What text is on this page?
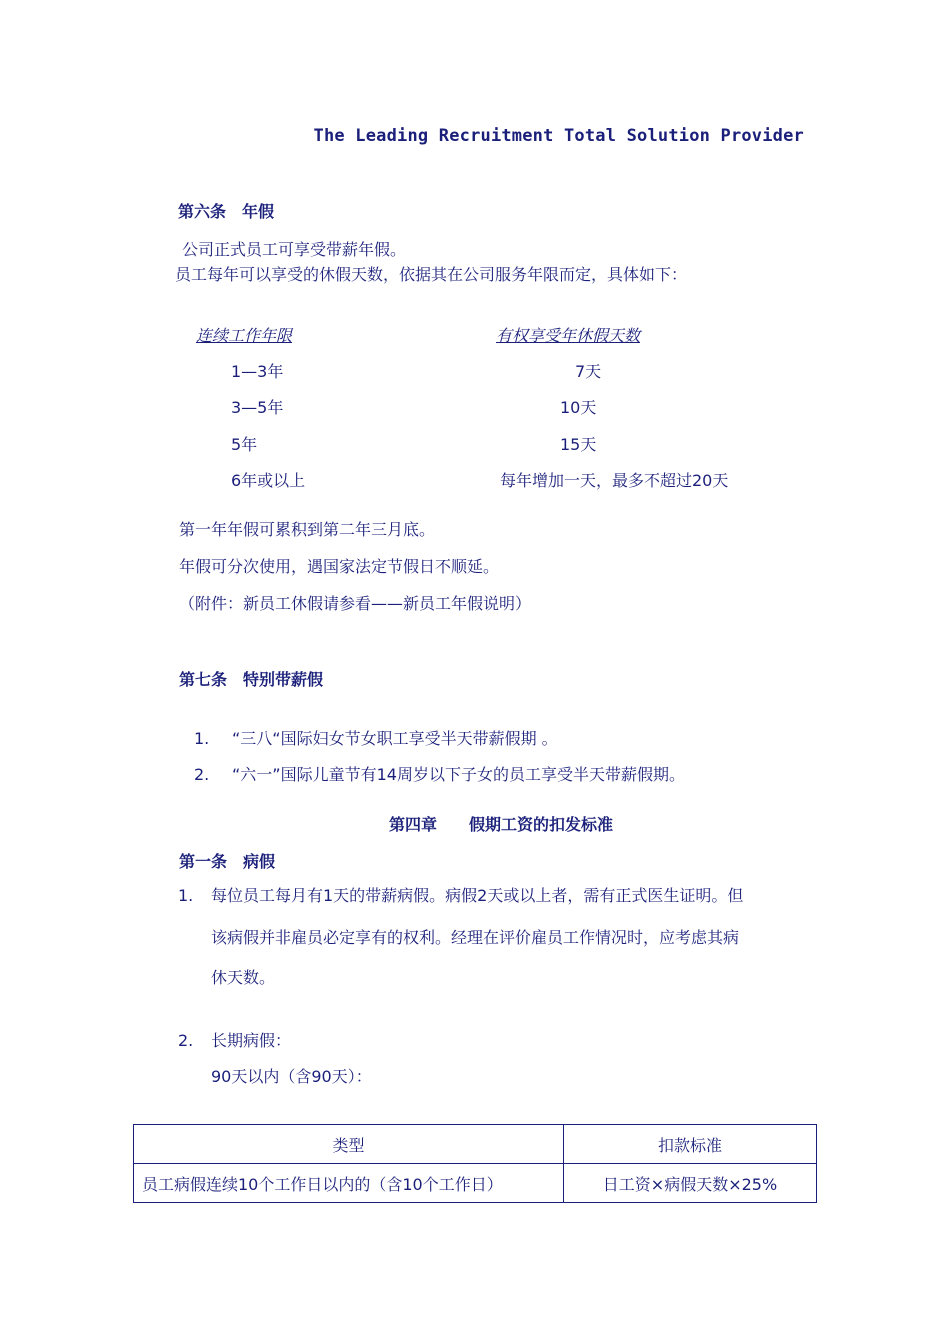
The Leading Recruitment Total Solution Provider
第六条　年假
公司正式员工可享受带薪年假。
员工每年可以享受的休假天数，依据其在公司服务年限而定，具体如下：
连续工作年限	有权享受年休假天数
1—3年	7天
3—5年	10天
5年	15天
6年或以上	每年增加一天，最多不超过20天
第一年年假可累积到第二年三月底。
年假可分次使用，遇国家法定节假日不顺延。
（附件：新员工休假请参看——新员工年假说明）
第七条　特别带薪假
1. “三八“国际妇女节女职工享受半天带薪假期 。
2. “六一”国际儿童节有14周岁以下子女的员工享受半天带薪假期。
第四章　　假期工资的扣发标准
第一条　病假
1. 每位员工每月有1天的带薪病假。病假2天或以上者，需有正式医生证明。但
该病假并非雇员必定享有的权利。经理在评价雇员工作情况时，应考虑其病
休天数。
2. 长期病假：
90天以内（含90天）：
类型	扣款标准
员工病假连续10个工作日以内的（含10个工作日）	日工资×病假天数×25%
